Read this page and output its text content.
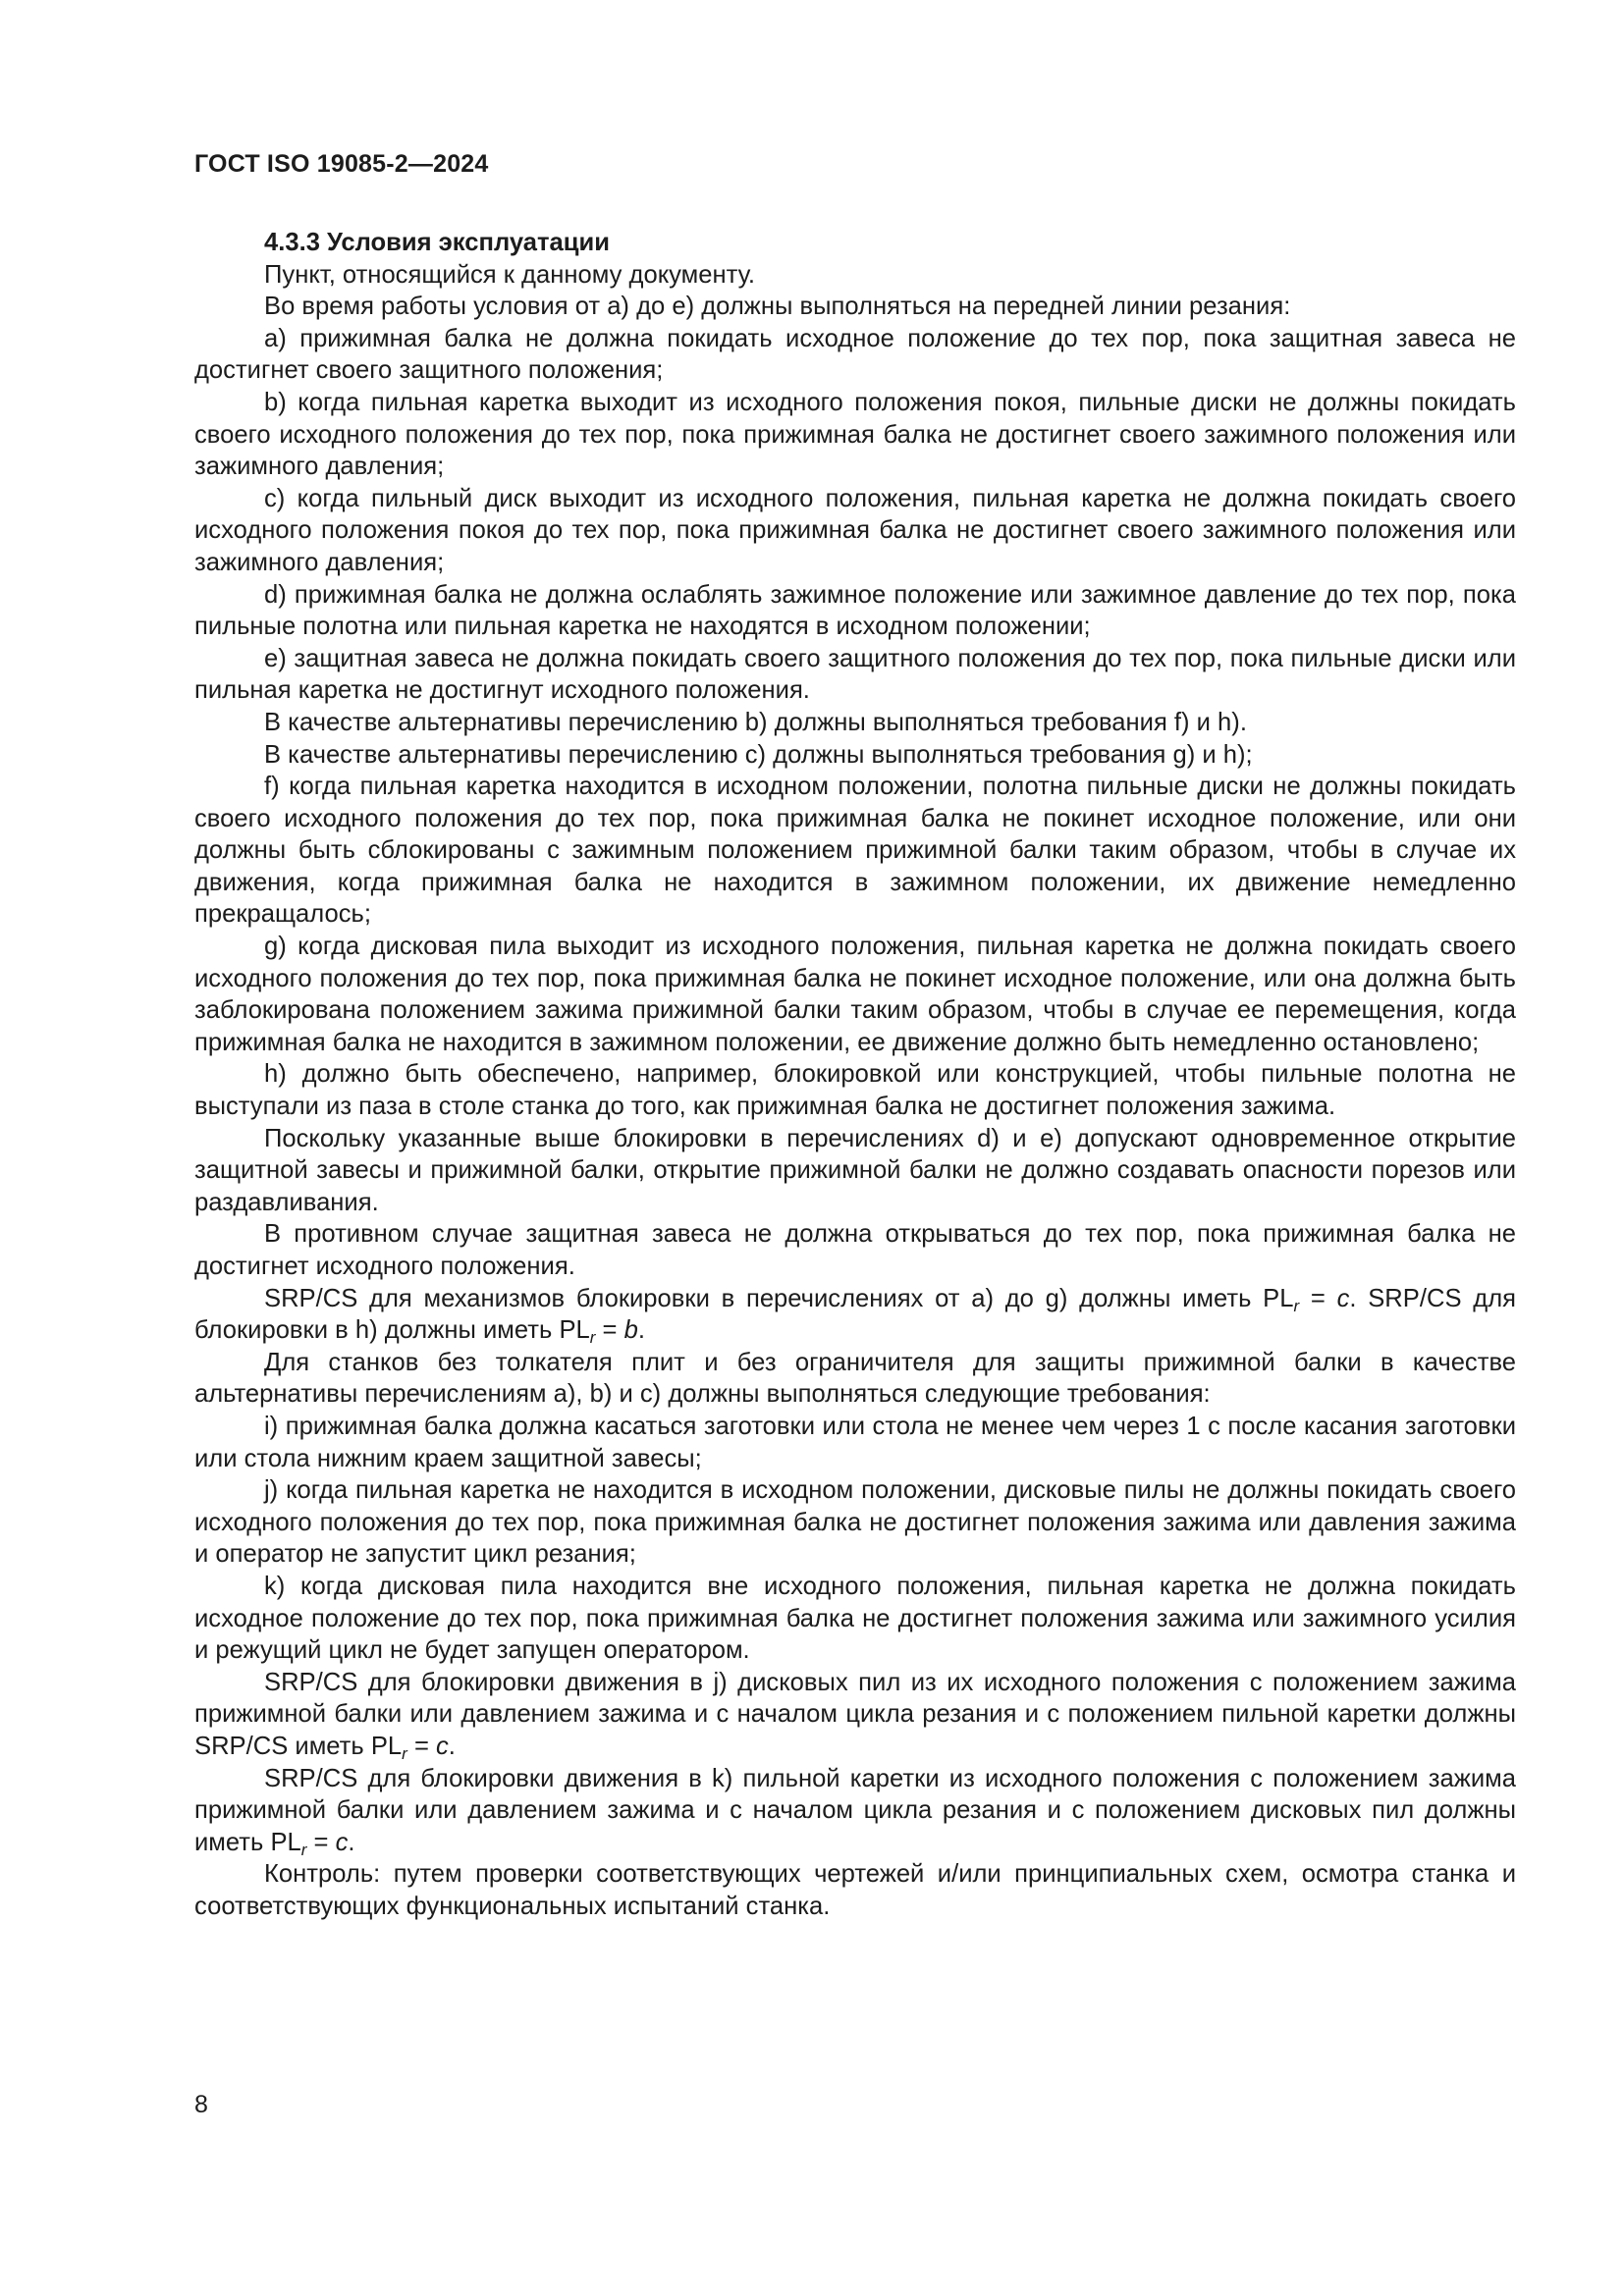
ГОСТ ISO 19085-2—2024

4.3.3 Условия эксплуатации

Пункт, относящийся к данному документу.

Во время работы условия от a) до e) должны выполняться на передней линии резания:

a) прижимная балка не должна покидать исходное положение до тех пор, пока защитная завеса не достигнет своего защитного положения;

b) когда пильная каретка выходит из исходного положения покоя, пильные диски не должны покидать своего исходного положения до тех пор, пока прижимная балка не достигнет своего зажимного положения или зажимного давления;

c) когда пильный диск выходит из исходного положения, пильная каретка не должна покидать своего исходного положения покоя до тех пор, пока прижимная балка не достигнет своего зажимного положения или зажимного давления;

d) прижимная балка не должна ослаблять зажимное положение или зажимное давление до тех пор, пока пильные полотна или пильная каретка не находятся в исходном положении;

e) защитная завеса не должна покидать своего защитного положения до тех пор, пока пильные диски или пильная каретка не достигнут исходного положения.

В качестве альтернативы перечислению b) должны выполняться требования f) и h).

В качестве альтернативы перечислению c) должны выполняться требования g) и h);

f) когда пильная каретка находится в исходном положении, полотна пильные диски не должны покидать своего исходного положения до тех пор, пока прижимная балка не покинет исходное положение, или они должны быть сблокированы с зажимным положением прижимной балки таким образом, чтобы в случае их движения, когда прижимная балка не находится в зажимном положении, их движение немедленно прекращалось;

g) когда дисковая пила выходит из исходного положения, пильная каретка не должна покидать своего исходного положения до тех пор, пока прижимная балка не покинет исходное положение, или она должна быть заблокирована положением зажима прижимной балки таким образом, чтобы в случае ее перемещения, когда прижимная балка не находится в зажимном положении, ее движение должно быть немедленно остановлено;

h) должно быть обеспечено, например, блокировкой или конструкцией, чтобы пильные полотна не выступали из паза в столе станка до того, как прижимная балка не достигнет положения зажима.

Поскольку указанные выше блокировки в перечислениях d) и e) допускают одновременное открытие защитной завесы и прижимной балки, открытие прижимной балки не должно создавать опасности порезов или раздавливания.

В противном случае защитная завеса не должна открываться до тех пор, пока прижимная балка не достигнет исходного положения.

SRP/CS для механизмов блокировки в перечислениях от a) до g) должны иметь $PL_r = c$. SRP/CS для блокировки в h) должны иметь $PL_r = b$.

Для станков без толкателя плит и без ограничителя для защиты прижимной балки в качестве альтернативы перечислениям a), b) и c) должны выполняться следующие требования:

i) прижимная балка должна касаться заготовки или стола не менее чем через 1 с после касания заготовки или стола нижним краем защитной завесы;

j) когда пильная каретка не находится в исходном положении, дисковые пилы не должны покидать своего исходного положения до тех пор, пока прижимная балка не достигнет положения зажима или давления зажима и оператор не запустит цикл резания;

k) когда дисковая пила находится вне исходного положения, пильная каретка не должна покидать исходное положение до тех пор, пока прижимная балка не достигнет положения зажима или зажимного усилия и режущий цикл не будет запущен оператором.

SRP/CS для блокировки движения в j) дисковых пил из их исходного положения с положением зажима прижимной балки или давлением зажима и с началом цикла резания и с положением пильной каретки должны SRP/CS иметь $PL_r = c$.

SRP/CS для блокировки движения в k) пильной каретки из исходного положения с положением зажима прижимной балки или давлением зажима и с началом цикла резания и с положением дисковых пил должны иметь $PL_r = c$.

Контроль: путем проверки соответствующих чертежей и/или принципиальных схем, осмотра станка и соответствующих функциональных испытаний станка.

8
